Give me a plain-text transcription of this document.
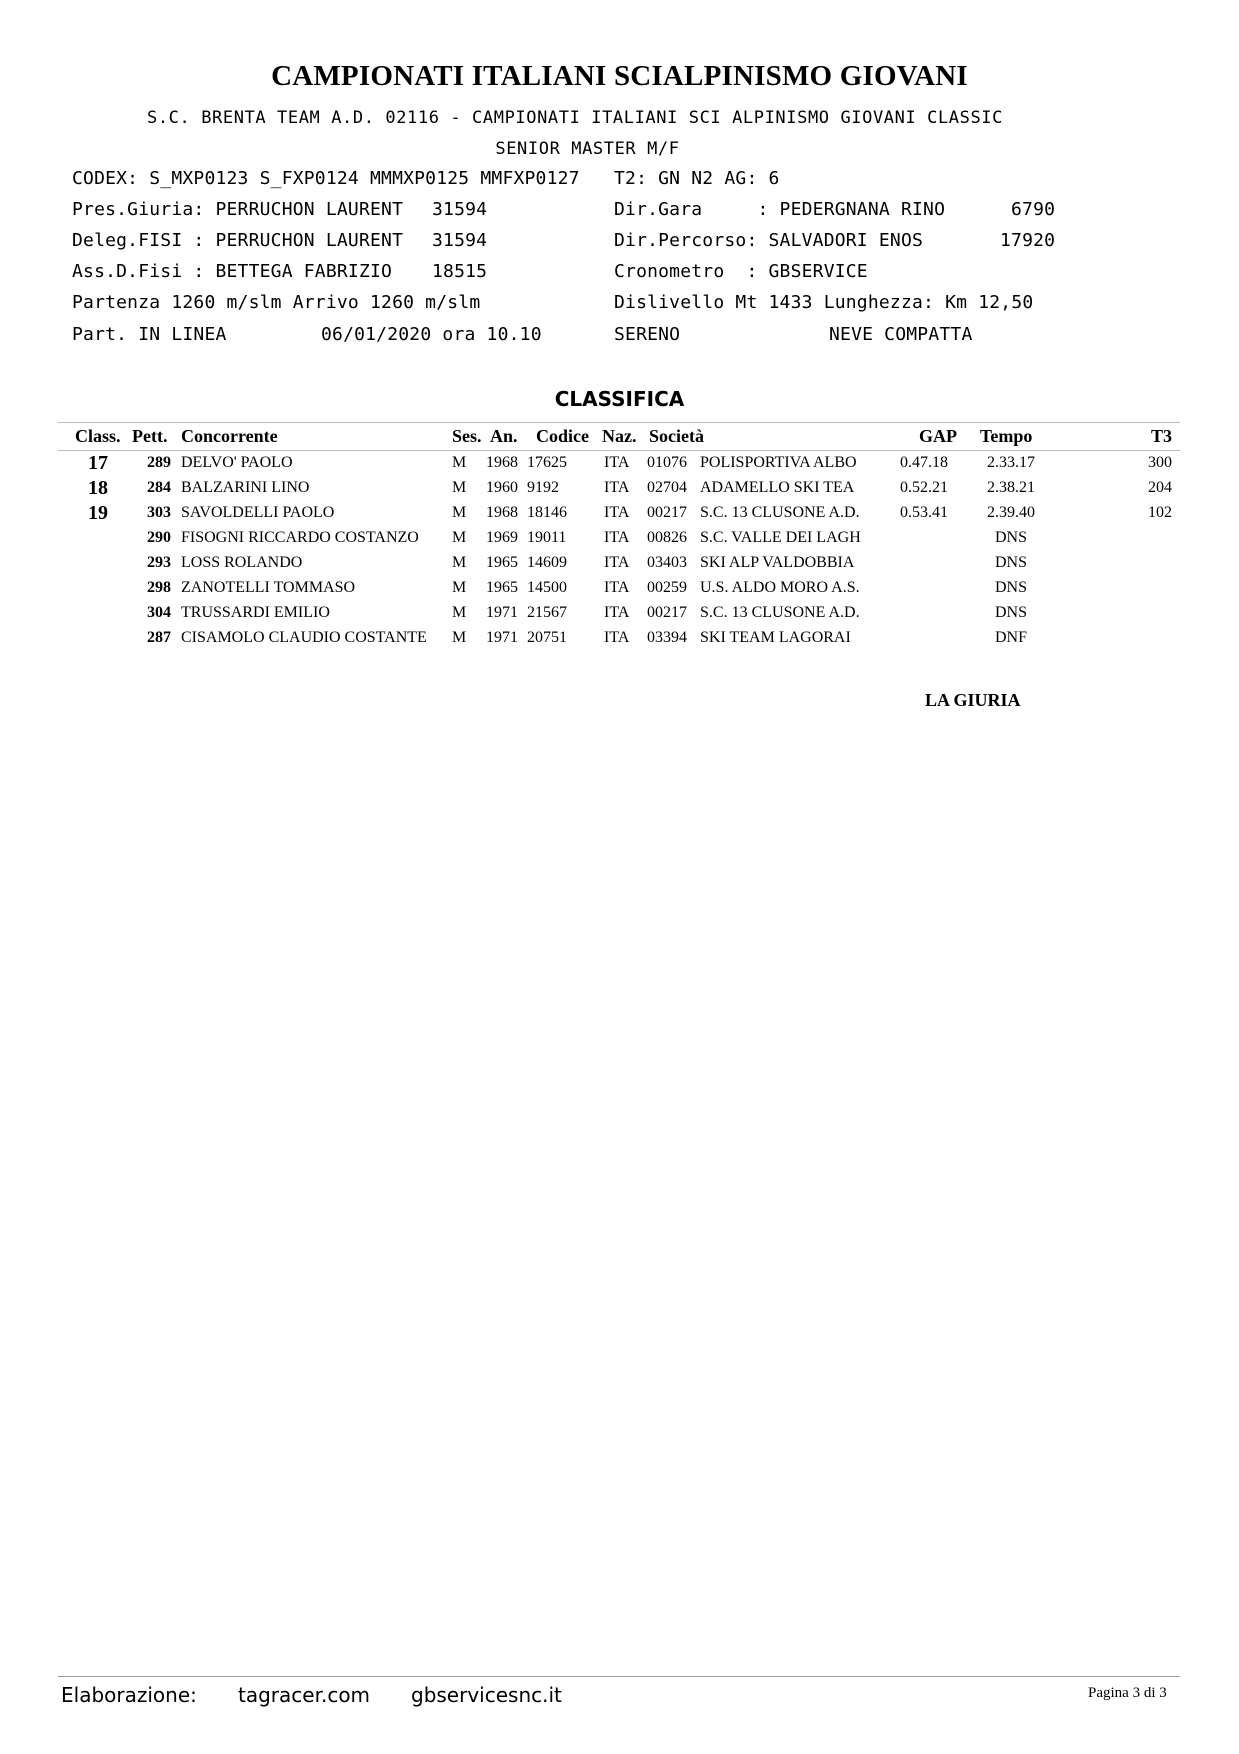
CAMPIONATI ITALIANI SCIALPINISMO GIOVANI
S.C. BRENTA TEAM A.D. 02116 - CAMPIONATI ITALIANI SCI ALPINISMO GIOVANI CLASSIC
SENIOR MASTER M/F
CODEX: S_MXP0123 S_FXP0124 MMMXP0125 MMFXP0127 T2: GN N2 AG: 6
Pres.Giuria: PERRUCHON LAURENT 31594	Dir.Gara     : PEDERGNANA RINO	6790
Deleg.FISI : PERRUCHON LAURENT 31594	Dir.Percorso: SALVADORI ENOS	17920
Ass.D.Fisi : BETTEGA FABRIZIO 18515	Cronometro  : GBSERVICE
Partenza 1260 m/slm Arrivo 1260 m/slm	Dislivello Mt 1433 Lunghezza: Km 12,50
Part. IN LINEA	06/01/2020 ora 10.10	SERENO	NEVE COMPATTA
CLASSIFICA
Class. Pett. Concorrente	Ses. An. Codice Naz. Società	GAP Tempo	T3
17 289 DELVO' PAOLO	M 1968 17625 ITA 01076 POLISPORTIVA ALBO	0.47.18	2.33.17	300
18 284 BALZARINI LINO	M 1960 9192	ITA 02704 ADAMELLO SKI TEA	0.52.21	2.38.21	204
19 303 SAVOLDELLI PAOLO	M 1968 18146 ITA 00217 S.C. 13 CLUSONE A.D.	0.53.41	2.39.40	102
290 FISOGNI RICCARDO COSTANZO M 1969 19011 ITA 00826 S.C. VALLE DEI LAGH	DNS
293 LOSS ROLANDO	M 1965 14609 ITA 03403 SKI ALP VALDOBBIA	DNS
298 ZANOTELLI TOMMASO	M 1965 14500 ITA 00259 U.S. ALDO MORO A.S.	DNS
304 TRUSSARDI EMILIO	M 1971 21567 ITA 00217 S.C. 13 CLUSONE A.D.	DNS
287 CISAMOLO CLAUDIO COSTANTE M 1971 20751 ITA 03394 SKI TEAM LAGORAI	DNF
LA GIURIA
Elaborazione: tagracer.com gbservicesnc.it	Pagina 3 di 3
